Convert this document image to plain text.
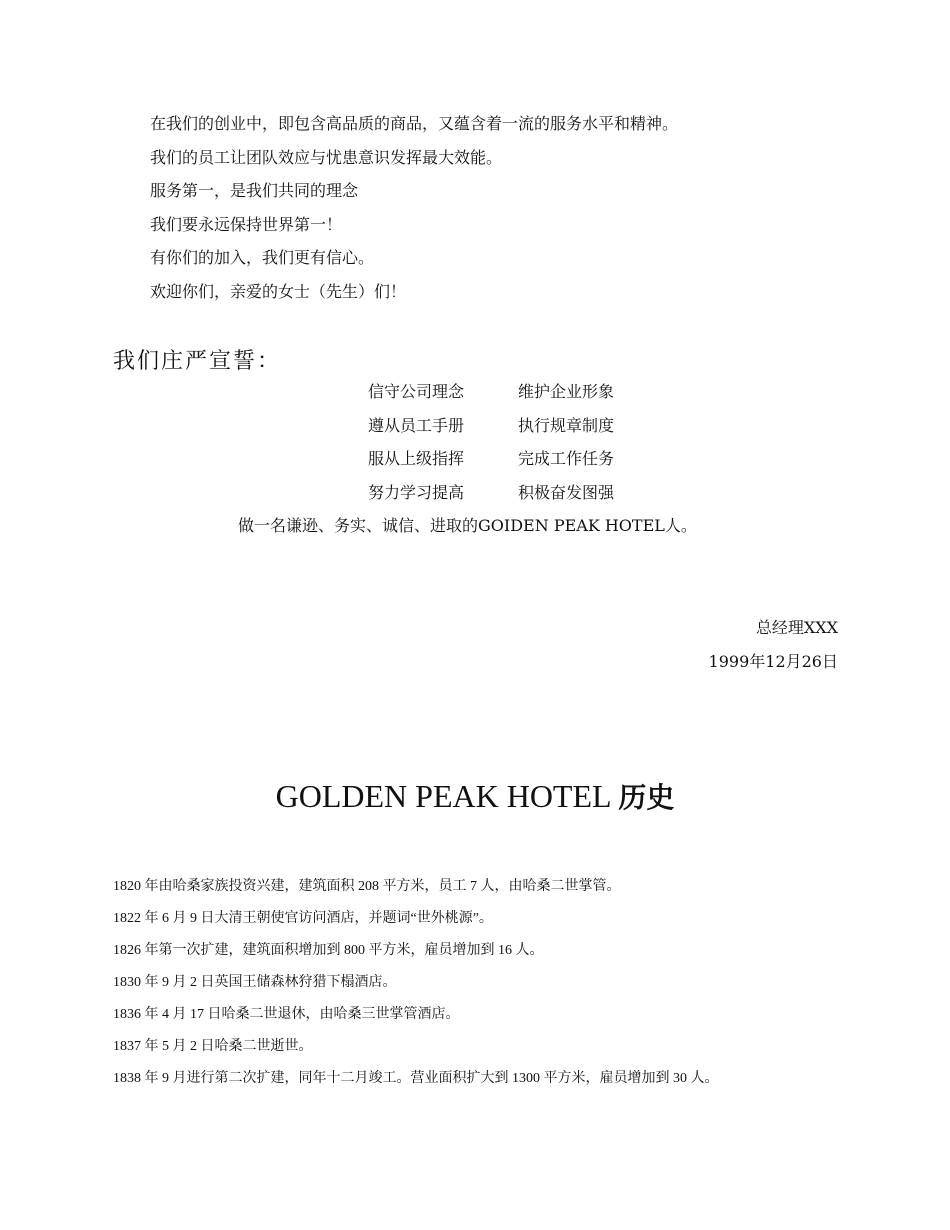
在我们的创业中，即包含高品质的商品，又蕴含着一流的服务水平和精神。
我们的员工让团队效应与忧患意识发挥最大效能。
服务第一，是我们共同的理念
我们要永远保持世界第一！
有你们的加入，我们更有信心。
欢迎你们，亲爱的女士（先生）们！
我们庄严宣誓：
信守公司理念	维护企业形象
遵从员工手册	执行规章制度
服从上级指挥	完成工作任务
努力学习提高	积极奋发图强
做一名谦逊、务实、诚信、进取的GOIDEN PEAK HOTEL人。
总经理XXX
1999年12月26日
GOLDEN PEAK HOTEL 历史
1820 年由哈桑家族投资兴建，建筑面积 208 平方米，员工 7 人，由哈桑二世掌管。
1822 年 6 月 9 日大清王朝使官访问酒店，并题词“世外桃源”。
1826 年第一次扩建，建筑面积增加到 800 平方米，雇员增加到 16 人。
1830 年 9 月 2 日英国王储森林狩猎下榻酒店。
1836 年 4 月 17 日哈桑二世退休，由哈桑三世掌管酒店。
1837 年 5 月 2 日哈桑二世逝世。
1838 年 9 月进行第二次扩建，同年十二月竣工。营业面积扩大到 1300 平方米，雇员增加到 30 人。
